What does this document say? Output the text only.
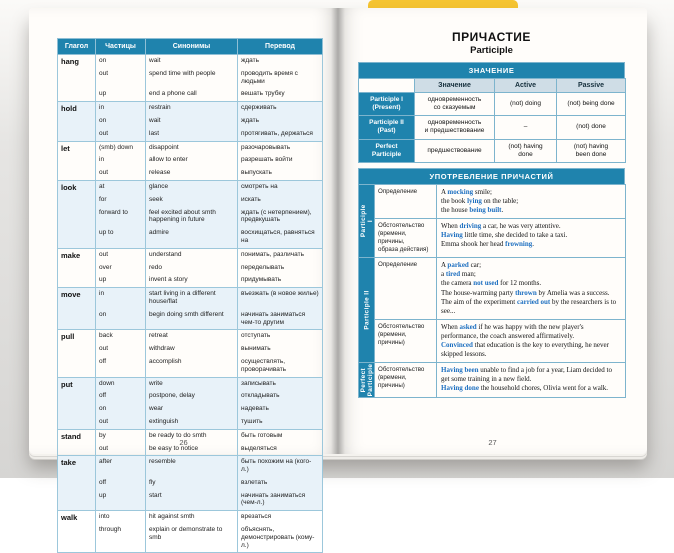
Глагол	Частицы	Синонимы	Перевод
hang	on	wait	ждать
	out	spend time with people	проводить время с людьми
	up	end a phone call	вешать трубку
hold	in	restrain	сдерживать
	on	wait	ждать
	out	last	протягивать, держаться
let	(smb) down	disappoint	разочаровывать
	in	allow to enter	разрешать войти
	out	release	выпускать
look	at	glance	смотреть на
	for	seek	искать
	forward to	feel excited about smth happening in future	ждать (с нетерпением), предвкушать
	up to	admire	восхищаться, равняться на
make	out	understand	понимать, различать
	over	redo	переделывать
	up	invent a story	придумывать
move	in	start living in a different house/flat	въезжать (в новое жилье)
	on	begin doing smth different	начинать заниматься чем-то другим
pull	back	retreat	отступать
	out	withdraw	вынимать
	off	accomplish	осуществлять, проворачивать
put	down	write	записывать
	off	postpone, delay	откладывать
	on	wear	надевать
	out	extinguish	тушить
stand	by	be ready to do smth	быть готовым
	out	be easy to notice	выделяться
take	after	resemble	быть похожим на (кого-л.)
	off	fly	взлетать
	up	start	начинать заниматься (чем-л.)
walk	into	hit against smth	врезаться
	through	explain or demonstrate to smb	объяснять, демонстрировать (кому-л.)
26
ПРИЧАСТИЕ
Participle
ЗНАЧЕНИЕ
	Значение	Active	Passive
Participle I
(Present)	одновременность
со сказуемым	(not) doing	(not) being done
Participle II
(Past)	одновременность
и предшествование	–	(not) done
Perfect
Participle	предшествование	(not) having
done	(not) having
been done
УПОТРЕБЛЕНИЕ ПРИЧАСТИЙ
Participle I	Определение	A mocking smile;
the book lying on the table;
the house being built.
	Обстоятельство
(времени, причины,
образа действия)	When driving a car, he was very attentive.
Having little time, she decided to take a taxi.
Emma shook her head frowning.

Participle II	Определение	A parked car;
a tired man;
the camera not used for 12 months.
The house-warming party thrown by Amelia was a success.
The aim of the experiment carried out by the researchers is to see...
	Обстоятельство
(времени, причины)	When asked if he was happy with the new player's performance, the coach answered affirmatively.
Convinced that education is the key to everything, he never skipped lessons.

Perfect Participle	Обстоятельство
(времени, причины)	Having been unable to find a job for a year, Liam decided to get some training in a new field.
Having done the household chores, Olivia went for a walk.
27
